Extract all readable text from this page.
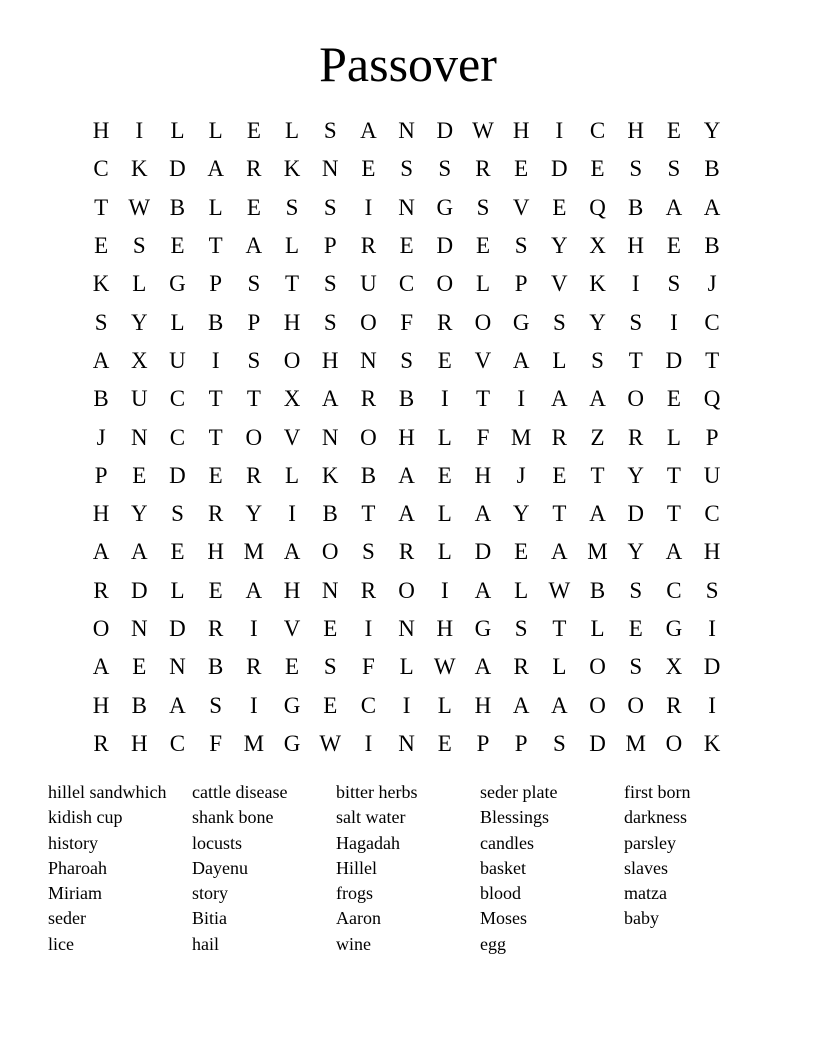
Passover
H	I	L	L	E	L	S	A N D W H	I	C H E Y
C K D A R K N E	S	S	R	E D E	S	S	B
T W B	L	E	S	S	I	N G	S	V E Q B A A
E	S	E	T A L	P	R	E D E	S	Y X H E	B
K L G	P	S	T	S	U C O L	P	V K	I	S	J
S	Y L	B	P	H	S	O	F	R O G	S	Y	S	I	C
A X U	I	S	O H N	S	E V A L	S	T D T
B U C	T	T X A R B	I	T	I	A A O E Q
J	N C	T O V N O H L	F M R	Z	R	L	P
P	E D E	R	L K B A E H	J	E	T Y T U
H Y	S	R Y	I	B	T A L A Y T A D T	C
A A E H M A O	S	R	L D E A M Y A H
R D L	E A H N R O	I	A L W B	S	C	S
O N D R	I	V E	I	N H G	S	T	L	E G	I
A E N B R	E	S	F	L W A R	L O	S	X D
H B A	S	I	G E	C	I	L H A A O O R	I
R H C	F M G W	I	N E	P	P	S	D M O K
hillel sandwhich
kidish cup
history
Pharoah
Miriam
seder
lice
cattle disease
shank bone
locusts
Dayenu
story
Bitia
hail
bitter herbs
salt water
Hagadah
Hillel
frogs
Aaron
wine
seder plate
Blessings
candles
basket
blood
Moses
egg
first born
darkness
parsley
slaves
matza
baby
